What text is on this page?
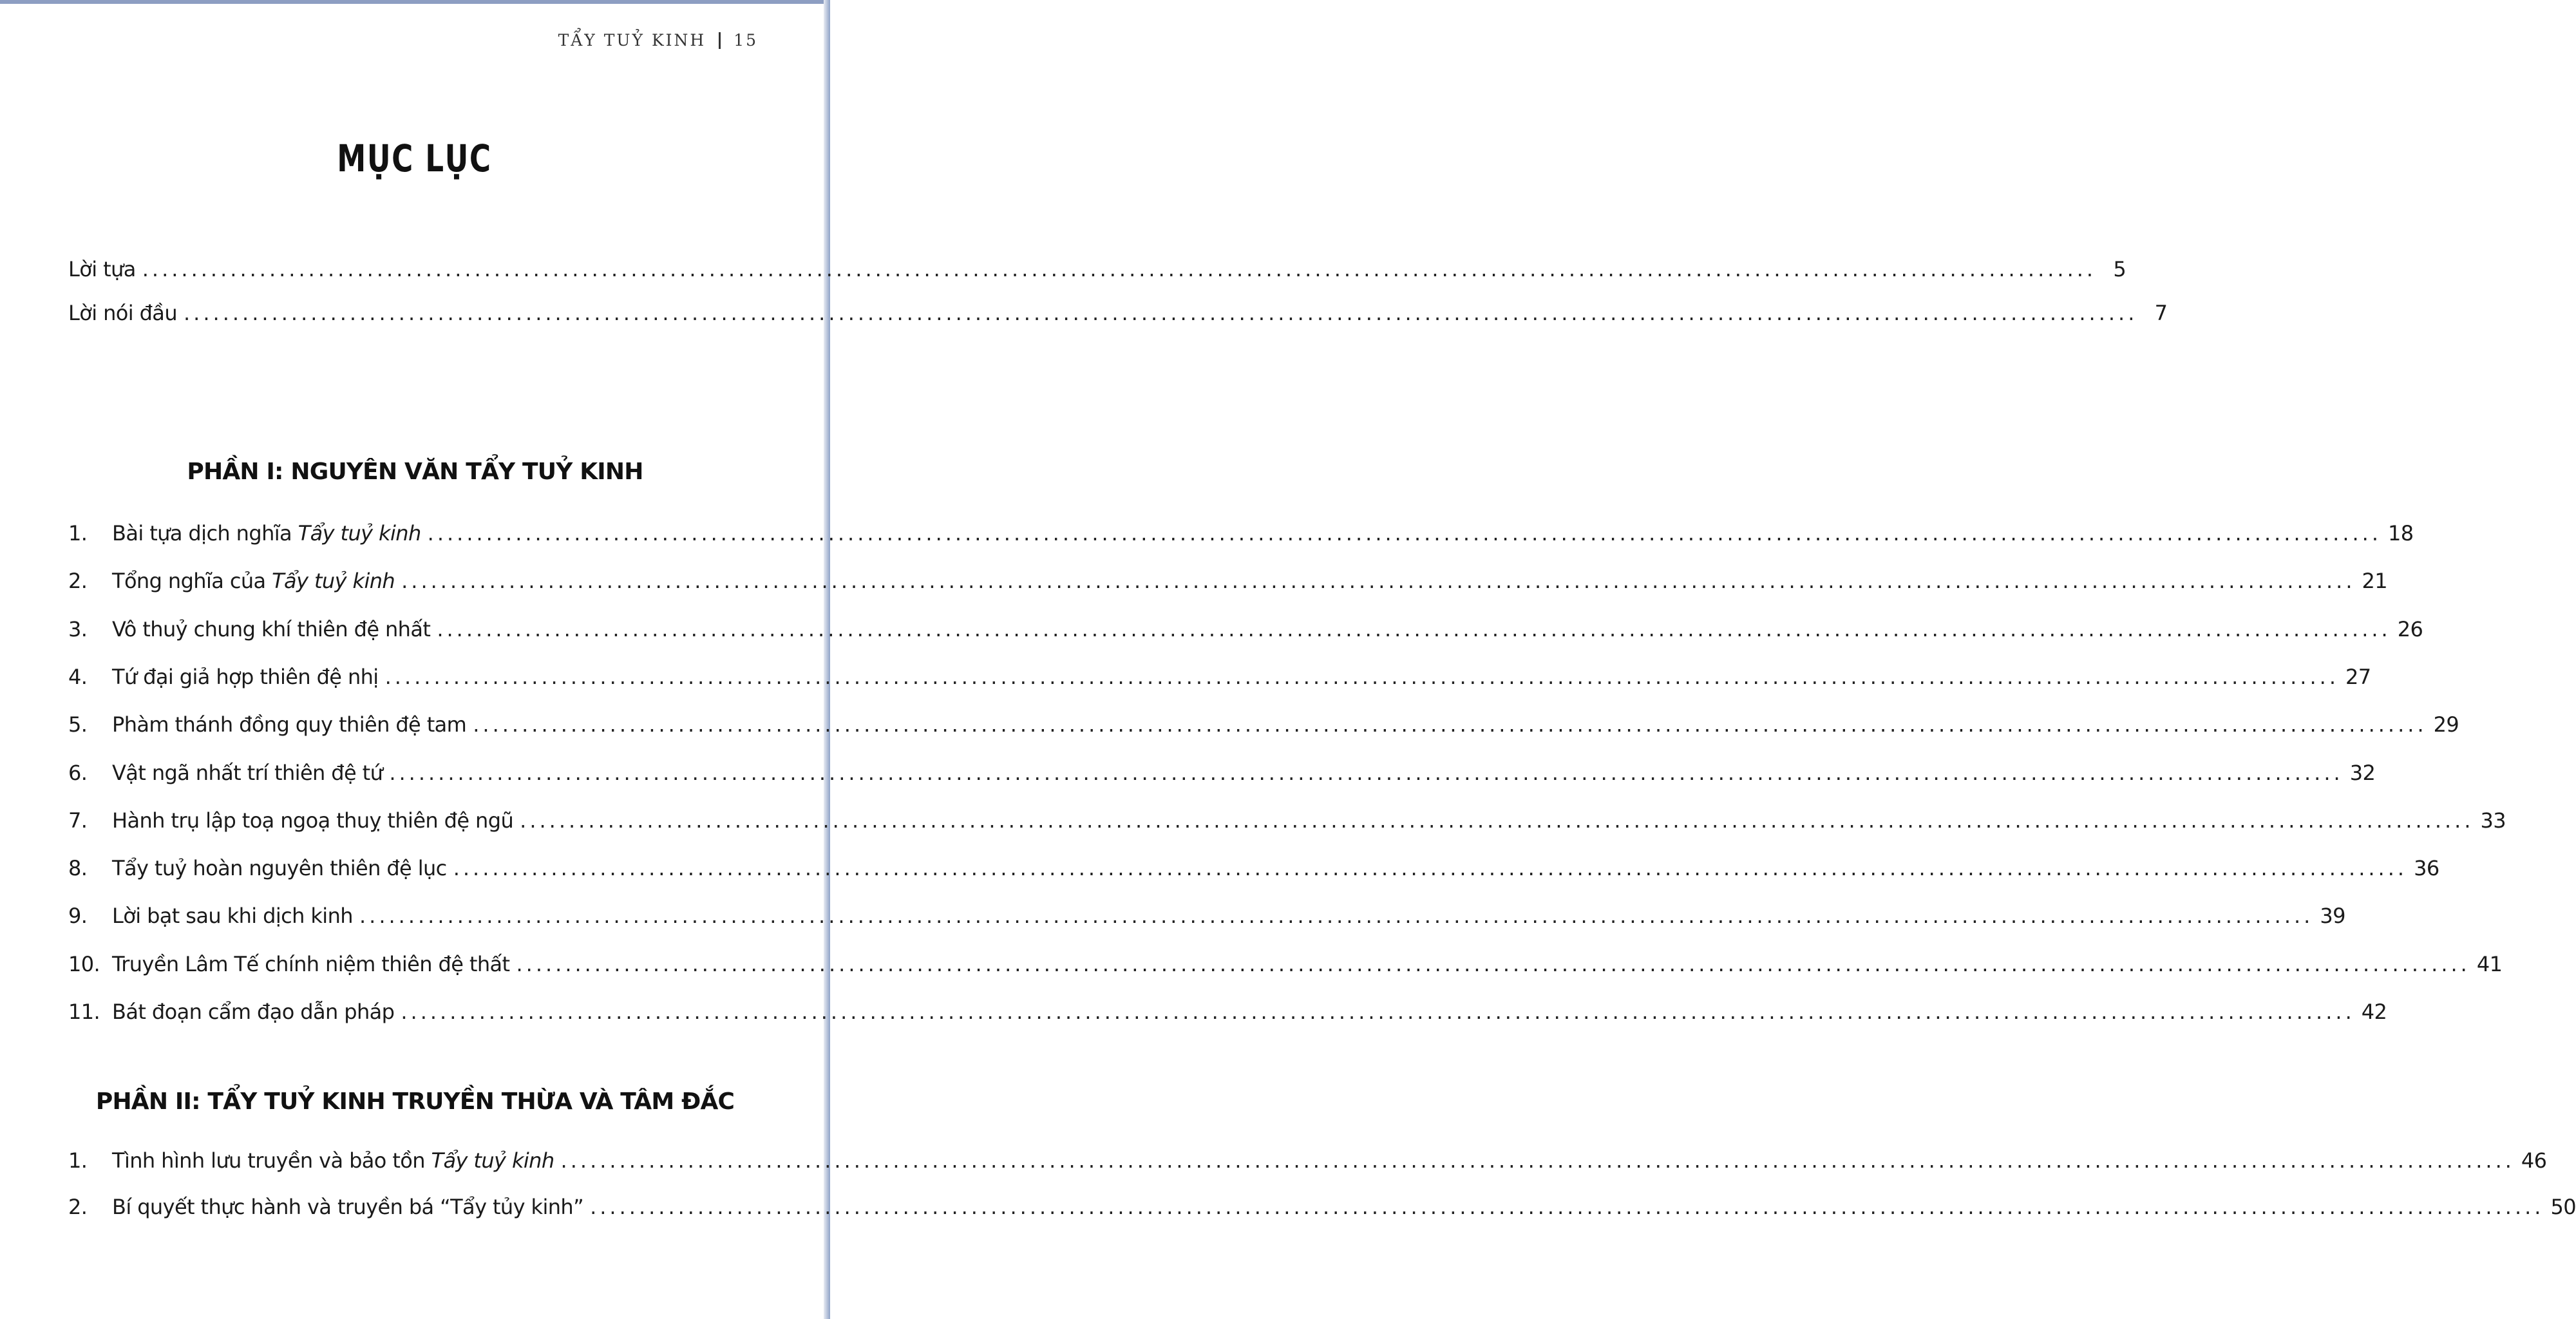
TẨY TUỶ KINH 15
MỤC LỤC
Lời tựa ........................................................................................................................................................................................................ 5
Lời nói đầu ........................................................................................................................................................................................................ 7
PHẦN I: NGUYÊN VĂN TẨY TUỶ KINH
1.	Bài tựa dịch nghĩa Tẩy tuỷ kinh ........................................................................................................................................................................................................ 18
2.	Tổng nghĩa của Tẩy tuỷ kinh ........................................................................................................................................................................................................ 21
3.	Vô thuỷ chung khí thiên đệ nhất ........................................................................................................................................................................................................ 26
4.	Tứ đại giả hợp thiên đệ nhị ........................................................................................................................................................................................................ 27
5.	Phàm thánh đồng quy thiên đệ tam ........................................................................................................................................................................................................ 29
6.	Vật ngã nhất trí thiên đệ tứ ........................................................................................................................................................................................................ 32
7.	Hành trụ lập toạ ngoạ thuỵ thiên đệ ngũ ........................................................................................................................................................................................................ 33
8.	Tẩy tuỷ hoàn nguyên thiên đệ lục ........................................................................................................................................................................................................ 36
9.	Lời bạt sau khi dịch kinh ........................................................................................................................................................................................................ 39
10. Truyền Lâm Tế chính niệm thiên đệ thất ........................................................................................................................................................................................................ 41
11. Bát đoạn cẩm đạo dẫn pháp ........................................................................................................................................................................................................ 42
PHẦN II: TẨY TUỶ KINH TRUYỀN THỪA VÀ TÂM ĐẮC
1.	Tình hình lưu truyền và bảo tồn Tẩy tuỷ kinh ........................................................................................................................................................................................................ 46
2.	Bí quyết thực hành và truyền bá “Tẩy tủy kinh” ........................................................................................................................................................................................................ 50
